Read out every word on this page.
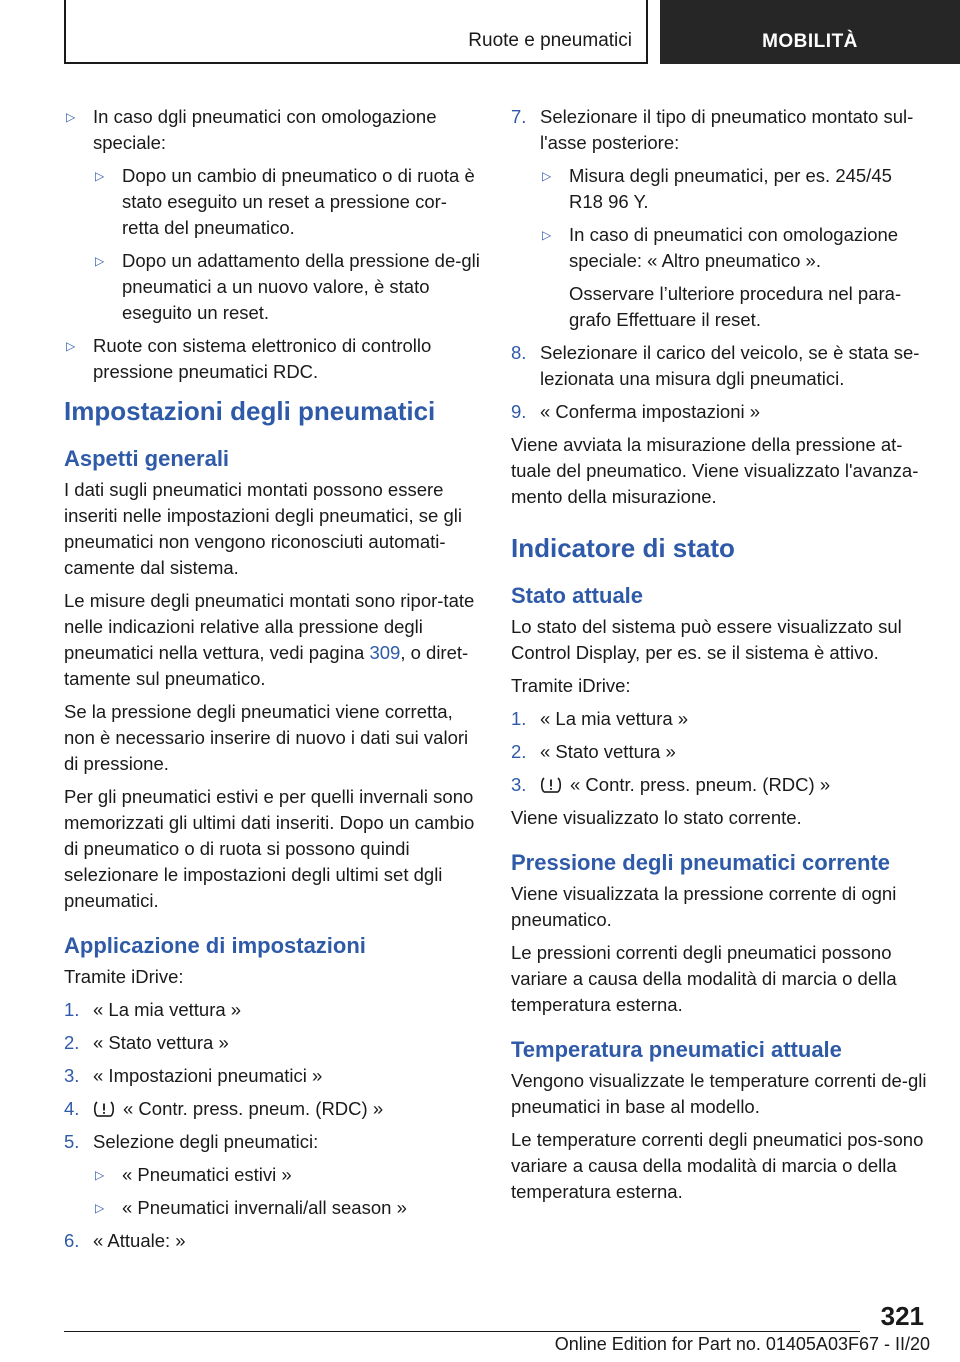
Ruote e pneumatici	MOBILITÀ
▷ In caso dgli pneumatici con omologazione speciale:
▷ Dopo un cambio di pneumatico o di ruota è stato eseguito un reset a pressione cor-retta del pneumatico.
▷ Dopo un adattamento della pressione de-gli pneumatici a un nuovo valore, è stato eseguito un reset.
▷ Ruote con sistema elettronico di controllo pressione pneumatici RDC.
Impostazioni degli pneumatici
Aspetti generali

I dati sugli pneumatici montati possono essere inseriti nelle impostazioni degli pneumatici, se gli pneumatici non vengono riconosciuti automati-camente dal sistema.

Le misure degli pneumatici montati sono ripor-tate nelle indicazioni relative alla pressione degli pneumatici nella vettura, vedi pagina 309, o diret-tamente sul pneumatico.

Se la pressione degli pneumatici viene corretta, non è necessario inserire di nuovo i dati sui valori di pressione.

Per gli pneumatici estivi e per quelli invernali sono memorizzati gli ultimi dati inseriti. Dopo un cambio di pneumatico o di ruota si possono quindi selezionare le impostazioni degli ultimi set dgli pneumatici.

Applicazione di impostazioni

Tramite iDrive:

1. « La mia vettura »
2. « Stato vettura »
3. « Impostazioni pneumatici »
4. « Contr. press. pneum. (RDC) »
5. Selezione degli pneumatici:
▷ « Pneumatici estivi »
▷ « Pneumatici invernali/all season »
6. « Attuale: »
7. Selezionare il tipo di pneumatico montato sul-l'asse posteriore:
▷ Misura degli pneumatici, per es. 245/45 R18 96 Y.
▷ In caso di pneumatici con omologazione speciale: « Altro pneumatico ».
Osservare l’ulteriore procedura nel para-grafo Effettuare il reset.
8. Selezionare il carico del veicolo, se è stata se-lezionata una misura dgli pneumatici.
9. « Conferma impostazioni »

Viene avviata la misurazione della pressione at-tuale del pneumatico. Viene visualizzato l'avanza-mento della misurazione.

Indicatore di stato
Stato attuale

Lo stato del sistema può essere visualizzato sul Control Display, per es. se il sistema è attivo.

Tramite iDrive:

1. « La mia vettura »
2. « Stato vettura »
3. « Contr. press. pneum. (RDC) »

Viene visualizzato lo stato corrente.

Pressione degli pneumatici corrente

Viene visualizzata la pressione corrente di ogni pneumatico.

Le pressioni correnti degli pneumatici possono variare a causa della modalità di marcia o della temperatura esterna.

Temperatura pneumatici attuale

Vengono visualizzate le temperature correnti de-gli pneumatici in base al modello.

Le temperature correnti degli pneumatici pos-sono variare a causa della modalità di marcia o della temperatura esterna.

321
Online Edition for Part no. 01405A03F67 - II/20
